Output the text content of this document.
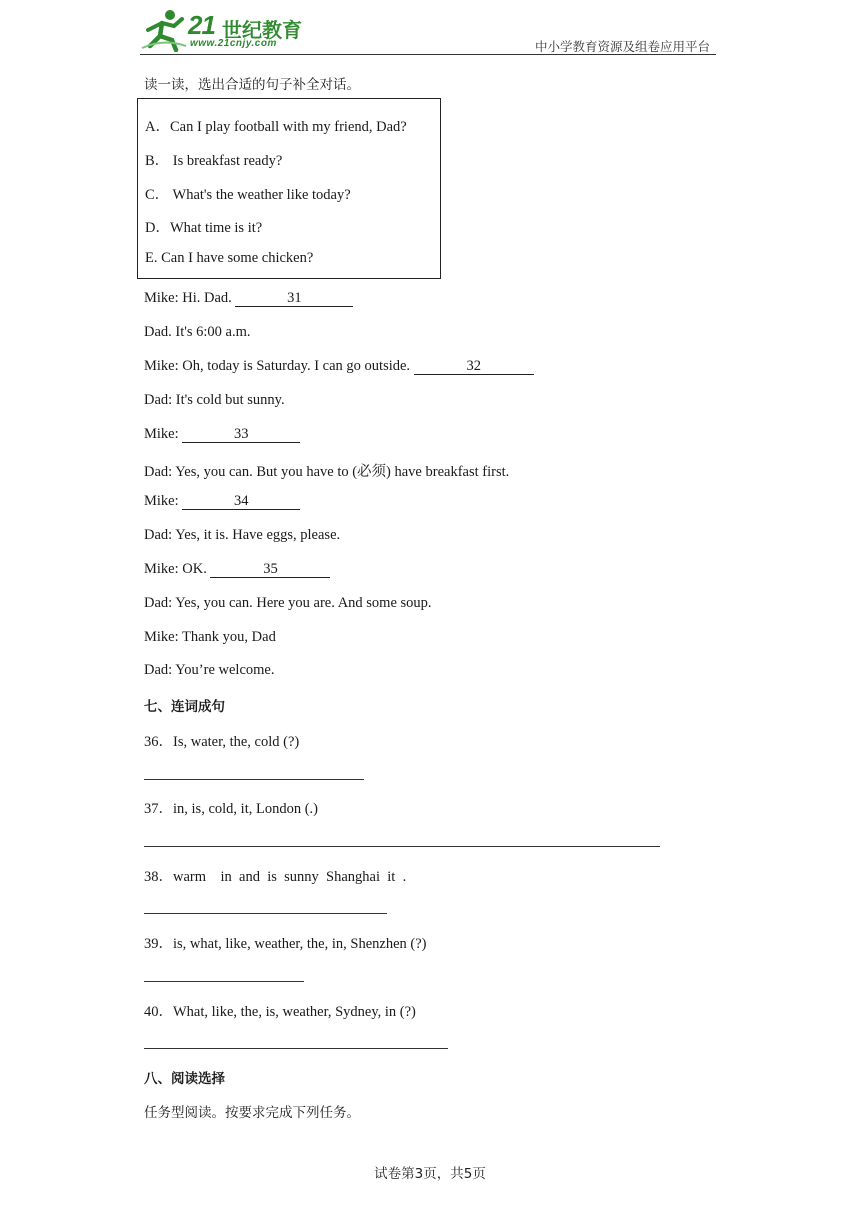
21 世纪教育
www.21cnjy.com	中小学教育资源及组卷应用平台
读一读，选出合适的句子补全对话。
A．Can I play football with my friend, Dad?
B． Is breakfast ready?
C． What's the weather like today?
D．What time is it?
E. Can I have some chicken?
Mike: Hi. Dad.	31
Dad. It's 6:00 a.m.
Mike: Oh, today is Saturday. I can go outside.	32
Dad: It's cold but sunny.
Mike:	33
Dad: Yes, you can. But you have to (必须) have breakfast first.
Mike:	34
Dad: Yes, it is. Have eggs, please.
Mike: OK.	35
Dad: Yes, you can. Here you are. And some soup.
Mike: Thank you, Dad
Dad: You’re welcome.
七、连词成句
36．Is, water, the, cold (?)
37．in, is, cold, it, London (.)
38．warm    in  and  is  sunny  Shanghai  it  .
39．is, what, like, weather, the, in, Shenzhen (?)
40．What, like, the, is, weather, Sydney, in (?)
八、阅读选择
任务型阅读。按要求完成下列任务。
试卷第3页，共5页
